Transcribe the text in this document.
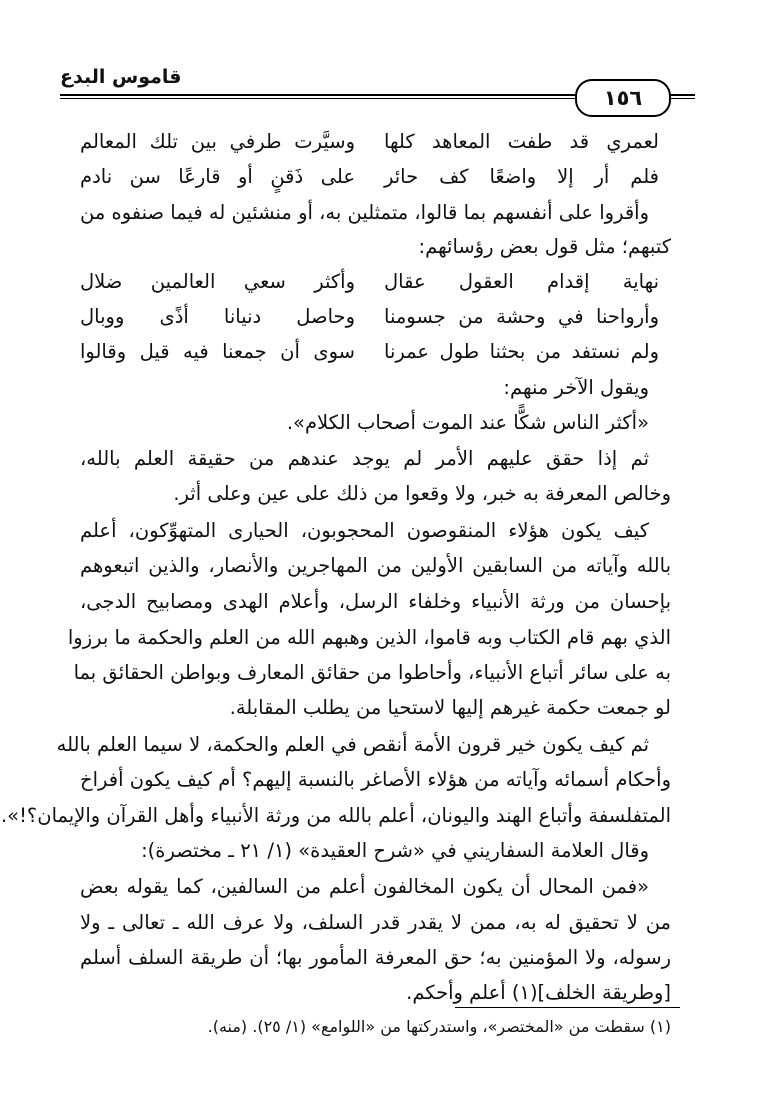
قاموس البدع
١٥٦
لعمري قد طفت المعاهد كلها
وسيَّرت طرفي بين تلك المعالم
فلم أر إلا واضعًا كف حائر
على ذَقنٍ أو قارعًا سن نادم
وأقروا على أنفسهم بما قالوا، متمثلين به، أو منشئين له فيما صنفوه من
كتبهم؛ مثل قول بعض رؤسائهم:
نهاية إقدام العقول عقال
وأكثر سعي العالمين ضلال
وأرواحنا في وحشة من جسومنا
وحاصل دنيانا أذًى ووبال
ولم نستفد من بحثنا طول عمرنا
سوى أن جمعنا فيه قيل وقالوا
ويقول الآخر منهم:
«أكثر الناس شكًّا عند الموت أصحاب الكلام».
ثم إذا حقق عليهم الأمر لم يوجد عندهم من حقيقة العلم بالله،
وخالص المعرفة به خبر، ولا وقعوا من ذلك على عين وعلى أثر.
كيف يكون هؤلاء المنقوصون المحجوبون، الحيارى المتهوِّكون، أعلم
بالله وآياته من السابقين الأولين من المهاجرين والأنصار، والذين اتبعوهم
بإحسان من ورثة الأنبياء وخلفاء الرسل، وأعلام الهدى ومصابيح الدجى،
الذي بهم قام الكتاب وبه قاموا، الذين وهبهم الله من العلم والحكمة ما برزوا
به على سائر أتباع الأنبياء، وأحاطوا من حقائق المعارف وبواطن الحقائق بما
لو جمعت حكمة غيرهم إليها لاستحيا من يطلب المقابلة.
ثم كيف يكون خير قرون الأمة أنقص في العلم والحكمة، لا سيما العلم بالله
وأحكام أسمائه وآياته من هؤلاء الأصاغر بالنسبة إليهم؟ أم كيف يكون أفراخ
المتفلسفة وأتباع الهند واليونان، أعلم بالله من ورثة الأنبياء وأهل القرآن والإيمان؟!».
وقال العلامة السفاريني في «شرح العقيدة» (١/ ٢١ ـ مختصرة):
«فمن المحال أن يكون المخالفون أعلم من السالفين، كما يقوله بعض
من لا تحقيق له به، ممن لا يقدر قدر السلف، ولا عرف الله ـ تعالى ـ ولا
رسوله، ولا المؤمنين به؛ حق المعرفة المأمور بها؛ أن طريقة السلف أسلم
[وطريقة الخلف](١) أعلم وأحكم.
(١) سقطت من «المختصر»، واستدركتها من «اللوامع» (١/ ٢٥). (منه).
